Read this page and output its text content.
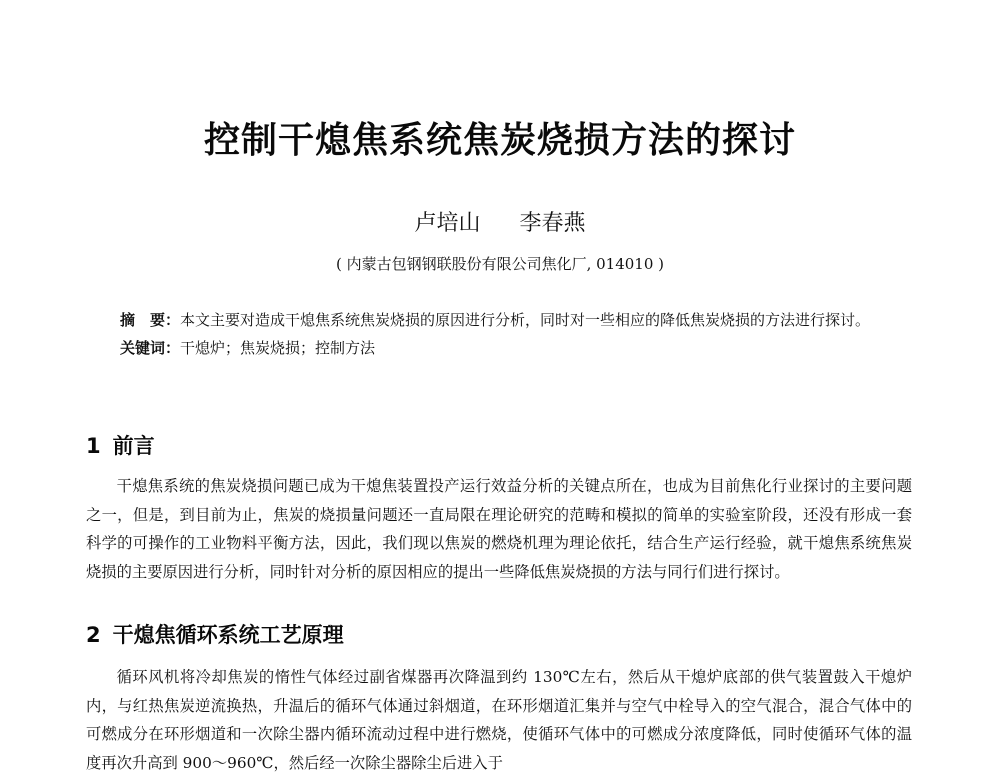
控制干熄焦系统焦炭烧损方法的探讨
卢培山 李春燕
( 内蒙古包钢钢联股份有限公司焦化厂, 014010 )
摘　要：本文主要对造成干熄焦系统焦炭烧损的原因进行分析，同时对一些相应的降低焦炭烧损的方法进行探讨。
关键词：干熄炉；焦炭烧损；控制方法
1 前言
干熄焦系统的焦炭烧损问题已成为干熄焦装置投产运行效益分析的关键点所在，也成为目前焦化行业探讨的主要问题之一，但是，到目前为止，焦炭的烧损量问题还一直局限在理论研究的范畴和模拟的简单的实验室阶段，还没有形成一套科学的可操作的工业物料平衡方法，因此，我们现以焦炭的燃烧机理为理论依托，结合生产运行经验，就干熄焦系统焦炭烧损的主要原因进行分析，同时针对分析的原因相应的提出一些降低焦炭烧损的方法与同行们进行探讨。
2 干熄焦循环系统工艺原理
循环风机将冷却焦炭的惰性气体经过副省煤器再次降温到约 130℃左右，然后从干熄炉底部的供气装置鼓入干熄炉内，与红热焦炭逆流换热，升温后的循环气体通过斜烟道，在环形烟道汇集并与空气中栓导入的空气混合，混合气体中的可燃成分在环形烟道和一次除尘器内循环流动过程中进行燃烧，使循环气体中的可燃成分浓度降低，同时使循环气体的温度再次升高到 900～960℃，然后经一次除尘器除尘后进入于
